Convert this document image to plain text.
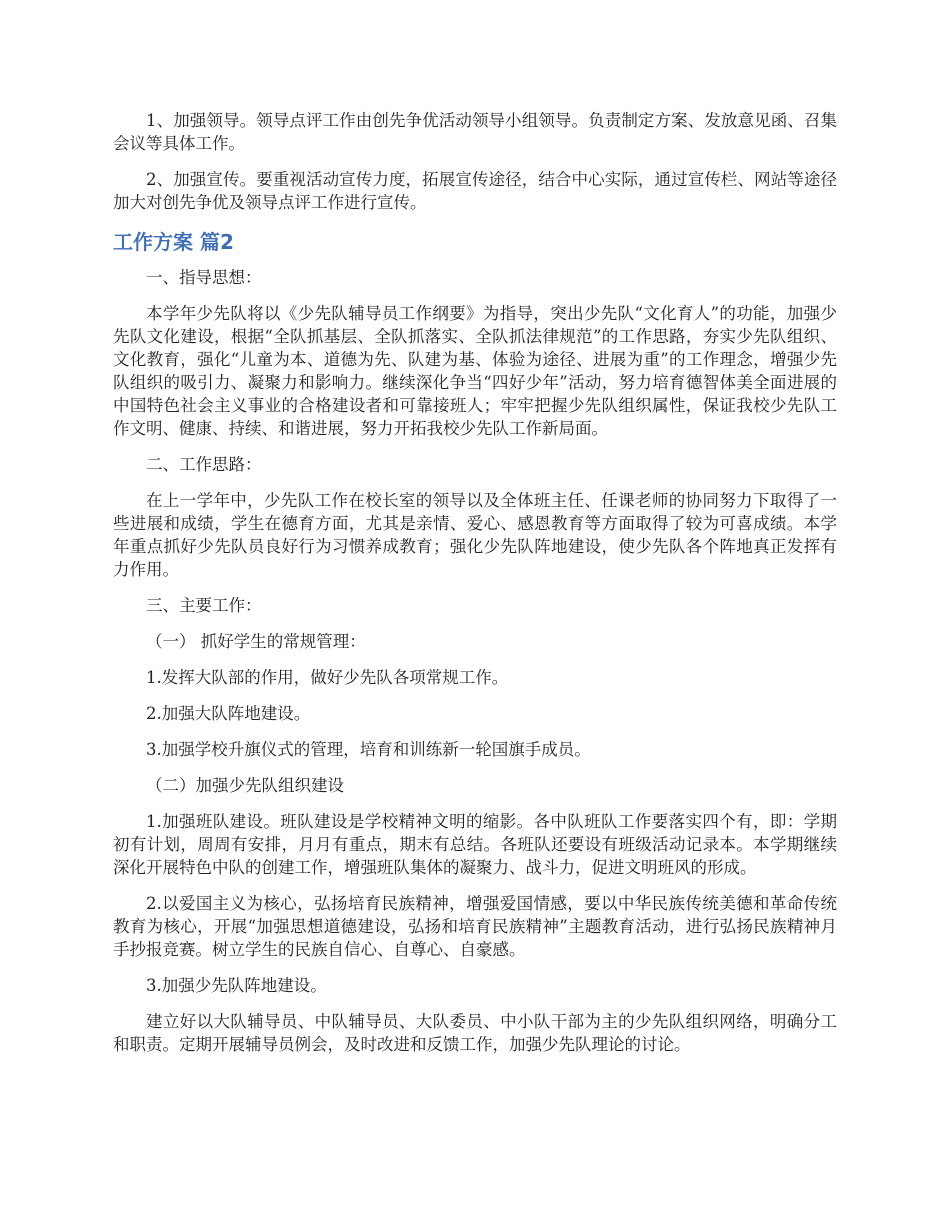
1、加强领导。领导点评工作由创先争优活动领导小组领导。负责制定方案、发放意见函、召集会议等具体工作。

2、加强宣传。要重视活动宣传力度，拓展宣传途径，结合中心实际，通过宣传栏、网站等途径加大对创先争优及领导点评工作进行宣传。

工作方案 篇2

一、指导思想：

本学年少先队将以《少先队辅导员工作纲要》为指导，突出少先队“文化育人”的功能，加强少先队文化建设，根据“全队抓基层、全队抓落实、全队抓法律规范”的工作思路，夯实少先队组织、文化教育，强化“儿童为本、道德为先、队建为基、体验为途径、进展为重”的工作理念，增强少先队组织的吸引力、凝聚力和影响力。继续深化争当“四好少年”活动，努力培育德智体美全面进展的中国特色社会主义事业的合格建设者和可靠接班人；牢牢把握少先队组织属性，保证我校少先队工作文明、健康、持续、和谐进展，努力开拓我校少先队工作新局面。

二、工作思路：

在上一学年中，少先队工作在校长室的领导以及全体班主任、任课老师的协同努力下取得了一些进展和成绩，学生在德育方面，尤其是亲情、爱心、感恩教育等方面取得了较为可喜成绩。本学年重点抓好少先队员良好行为习惯养成教育；强化少先队阵地建设，使少先队各个阵地真正发挥有力作用。

三、主要工作：

（一） 抓好学生的常规管理：

1.发挥大队部的作用，做好少先队各项常规工作。

2.加强大队阵地建设。

3.加强学校升旗仪式的管理，培育和训练新一轮国旗手成员。

（二）加强少先队组织建设

1.加强班队建设。班队建设是学校精神文明的缩影。各中队班队工作要落实四个有，即：学期初有计划，周周有安排，月月有重点，期末有总结。各班队还要设有班级活动记录本。本学期继续深化开展特色中队的创建工作，增强班队集体的凝聚力、战斗力，促进文明班风的形成。

2.以爱国主义为核心，弘扬培育民族精神，增强爱国情感，要以中华民族传统美德和革命传统教育为核心，开展“加强思想道德建设，弘扬和培育民族精神”主题教育活动，进行弘扬民族精神月手抄报竞赛。树立学生的民族自信心、自尊心、自豪感。

3.加强少先队阵地建设。

建立好以大队辅导员、中队辅导员、大队委员、中小队干部为主的少先队组织网络，明确分工和职责。定期开展辅导员例会，及时改进和反馈工作，加强少先队理论的讨论。
